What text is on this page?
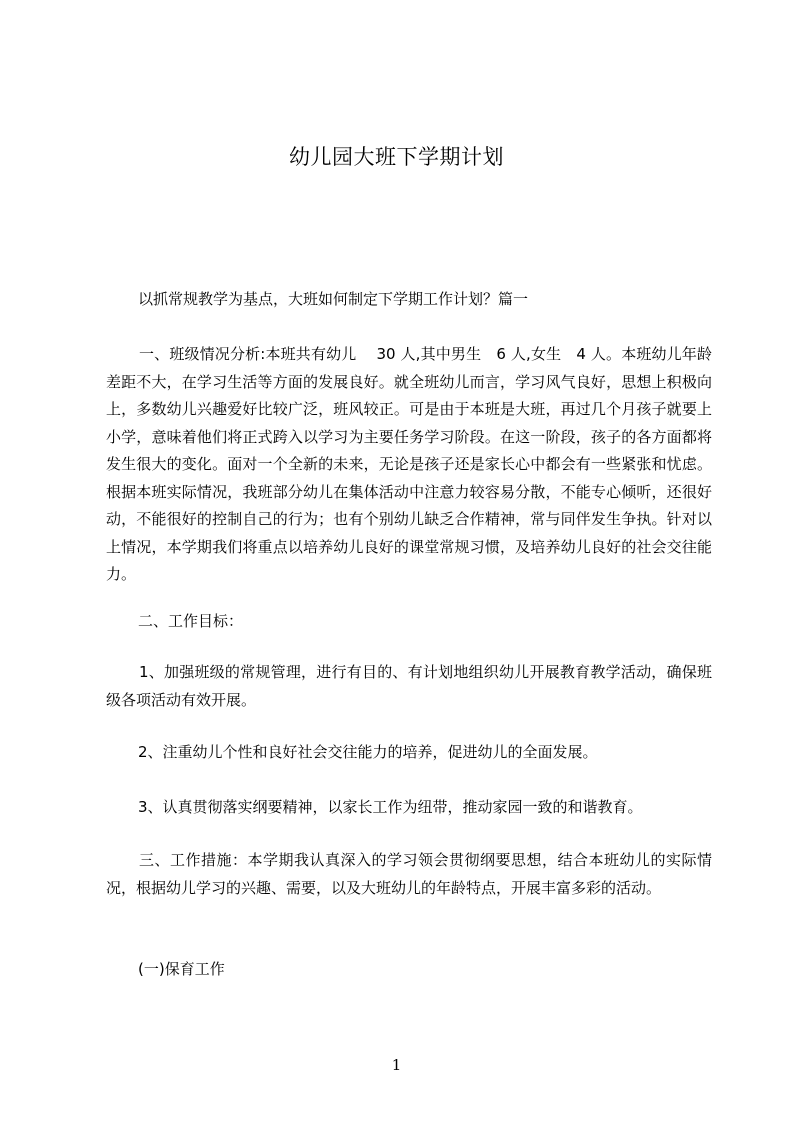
幼儿园大班下学期计划
以抓常规教学为基点，大班如何制定下学期工作计划？篇一
一、班级情况分析:本班共有幼儿　 30 人,其中男生　6 人,女生　4 人。本班幼儿年龄差距不大，在学习生活等方面的发展良好。就全班幼儿而言，学习风气良好，思想上积极向上，多数幼儿兴趣爱好比较广泛，班风较正。可是由于本班是大班，再过几个月孩子就要上小学，意味着他们将正式跨入以学习为主要任务学习阶段。在这一阶段，孩子的各方面都将发生很大的变化。面对一个全新的未来，无论是孩子还是家长心中都会有一些紧张和忧虑。根据本班实际情况，我班部分幼儿在集体活动中注意力较容易分散，不能专心倾听，还很好动，不能很好的控制自己的行为；也有个别幼儿缺乏合作精神，常与同伴发生争执。针对以上情况，本学期我们将重点以培养幼儿良好的课堂常规习惯，及培养幼儿良好的社会交往能力。
二、工作目标：
1、加强班级的常规管理，进行有目的、有计划地组织幼儿开展教育教学活动，确保班级各项活动有效开展。
2、注重幼儿个性和良好社会交往能力的培养，促进幼儿的全面发展。
3、认真贯彻落实纲要精神，以家长工作为纽带，推动家园一致的和谐教育。
三、工作措施：本学期我认真深入的学习领会贯彻纲要思想，结合本班幼儿的实际情况，根据幼儿学习的兴趣、需要，以及大班幼儿的年龄特点，开展丰富多彩的活动。
(一)保育工作
1
